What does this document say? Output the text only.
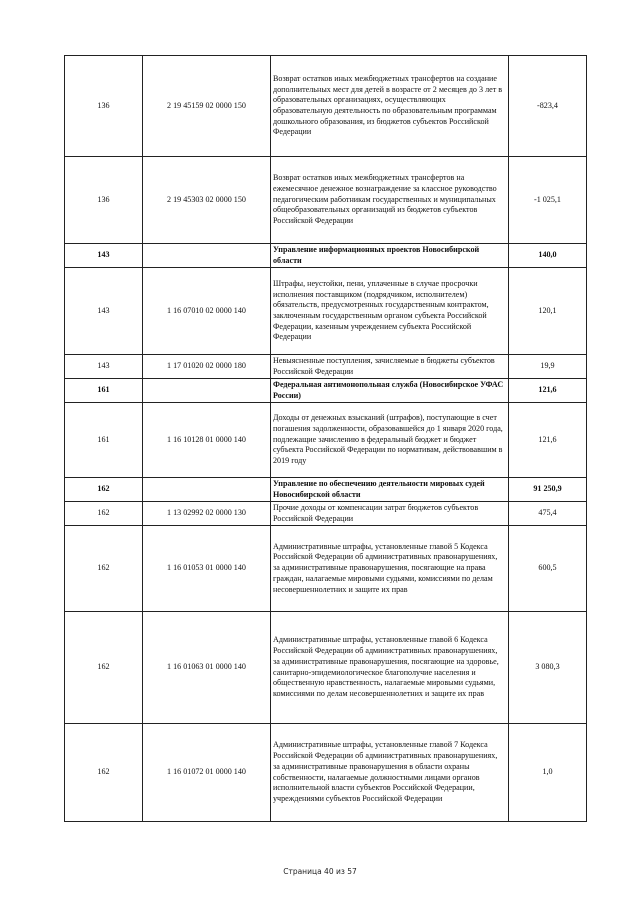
136	2 19 45159 02 0000 150	Возврат остатков иных межбюджетных трансфертов на создание дополнительных мест для детей в возрасте от 2 месяцев до 3 лет в образовательных организациях, осуществляющих образовательную деятельность по образовательным программам дошкольного образования, из бюджетов субъектов Российской Федерации	-823,4
136	2 19 45303 02 0000 150	Возврат остатков иных межбюджетных трансфертов на ежемесячное денежное вознаграждение за классное руководство педагогическим работникам государственных и муниципальных общеобразовательных организаций из бюджетов субъектов Российской Федерации	-1 025,1
143		Управление информационных проектов Новосибирской области	140,0
143	1 16 07010 02 0000 140	Штрафы, неустойки, пени, уплаченные в случае просрочки исполнения поставщиком (подрядчиком, исполнителем) обязательств, предусмотренных государственным контрактом, заключенным государственным органом субъекта Российской Федерации, казенным учреждением субъекта Российской Федерации	120,1
143	1 17 01020 02 0000 180	Невыясненные поступления, зачисляемые в бюджеты субъектов Российской Федерации	19,9
161		Федеральная антимонопольная служба (Новосибирское УФАС России)	121,6
161	1 16 10128 01 0000 140	Доходы от денежных взысканий (штрафов), поступающие в счет погашения задолженности, образовавшейся до 1 января 2020 года, подлежащие зачислению в федеральный бюджет и бюджет субъекта Российской Федерации по нормативам, действовавшим в 2019 году	121,6
162		Управление по обеспечению деятельности мировых судей Новосибирской области	91 250,9
162	1 13 02992 02 0000 130	Прочие доходы от компенсации затрат бюджетов субъектов Российской Федерации	475,4
162	1 16 01053 01 0000 140	Административные штрафы, установленные главой 5 Кодекса Российской Федерации об административных правонарушениях, за административные правонарушения, посягающие на права граждан, налагаемые мировыми судьями, комиссиями по делам несовершеннолетних и защите их прав	600,5
162	1 16 01063 01 0000 140	Административные штрафы, установленные главой 6 Кодекса Российской Федерации об административных правонарушениях, за административные правонарушения, посягающие на здоровье, санитарно-эпидемиологическое благополучие населения и общественную нравственность, налагаемые мировыми судьями, комиссиями по делам несовершеннолетних и защите их прав	3 080,3
162	1 16 01072 01 0000 140	Административные штрафы, установленные главой 7 Кодекса Российской Федерации об административных правонарушениях, за административные правонарушения в области охраны собственности, налагаемые должностными лицами органов исполнительной власти субъектов Российской Федерации, учреждениями субъектов Российской Федерации	1,0
Страница 40 из 57
